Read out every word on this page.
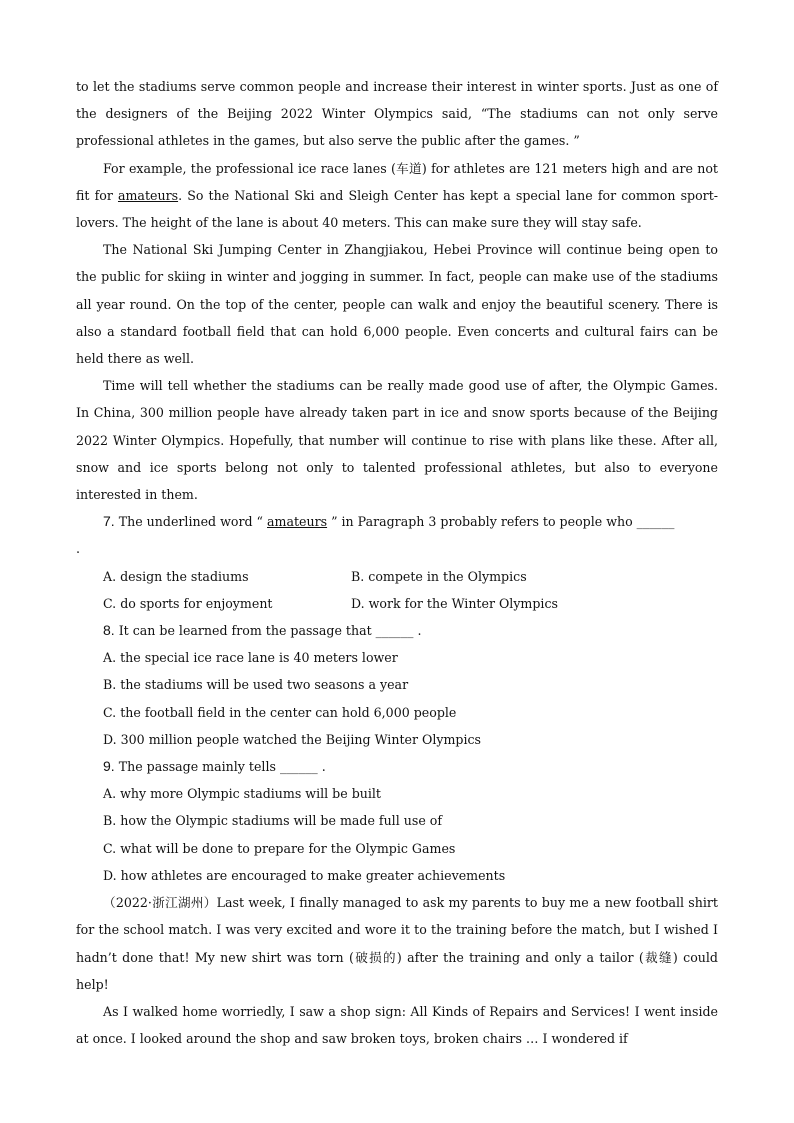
to let the stadiums serve common people and increase their interest in winter sports. Just as one of the designers of the Beijing 2022 Winter Olympics said, “The stadiums can not only serve professional athletes in the games, but also serve the public after the games. ”

For example, the professional ice race lanes (车道) for athletes are 121 meters high and are not fit for amateurs. So the National Ski and Sleigh Center has kept a special lane for common sport-lovers. The height of the lane is about 40 meters. This can make sure they will stay safe.

The National Ski Jumping Center in Zhangjiakou, Hebei Province will continue being open to the public for skiing in winter and jogging in summer. In fact, people can make use of the stadiums all year round. On the top of the center, people can walk and enjoy the beautiful scenery. There is also a standard football field that can hold 6,000 people. Even concerts and cultural fairs can be held there as well.

Time will tell whether the stadiums can be really made good use of after, the Olympic Games. In China, 300 million people have already taken part in ice and snow sports because of the Beijing 2022 Winter Olympics. Hopefully, that number will continue to rise with plans like these. After all, snow and ice sports belong not only to talented professional athletes, but also to everyone interested in them.

7. The underlined word “ amateurs ” in Paragraph 3 probably refers to people who ______

.

A. design the stadiums	B. compete in the Olympics
C. do sports for enjoyment	D. work for the Winter Olympics

8. It can be learned from the passage that ______ .

A. the special ice race lane is 40 meters lower

B. the stadiums will be used two seasons a year

C. the football field in the center can hold 6,000 people

D. 300 million people watched the Beijing Winter Olympics

9. The passage mainly tells ______ .

A. why more Olympic stadiums will be built

B. how the Olympic stadiums will be made full use of

C. what will be done to prepare for the Olympic Games

D. how athletes are encouraged to make greater achievements

（2022·浙江湖州）Last week, I finally managed to ask my parents to buy me a new football shirt for the school match. I was very excited and wore it to the training before the match, but I wished I hadn’t done that! My new shirt was torn (破损的) after the training and only a tailor (裁缝) could help!

As I walked home worriedly, I saw a shop sign: All Kinds of Repairs and Services! I went inside at once. I looked around the shop and saw broken toys, broken chairs … I wondered if
